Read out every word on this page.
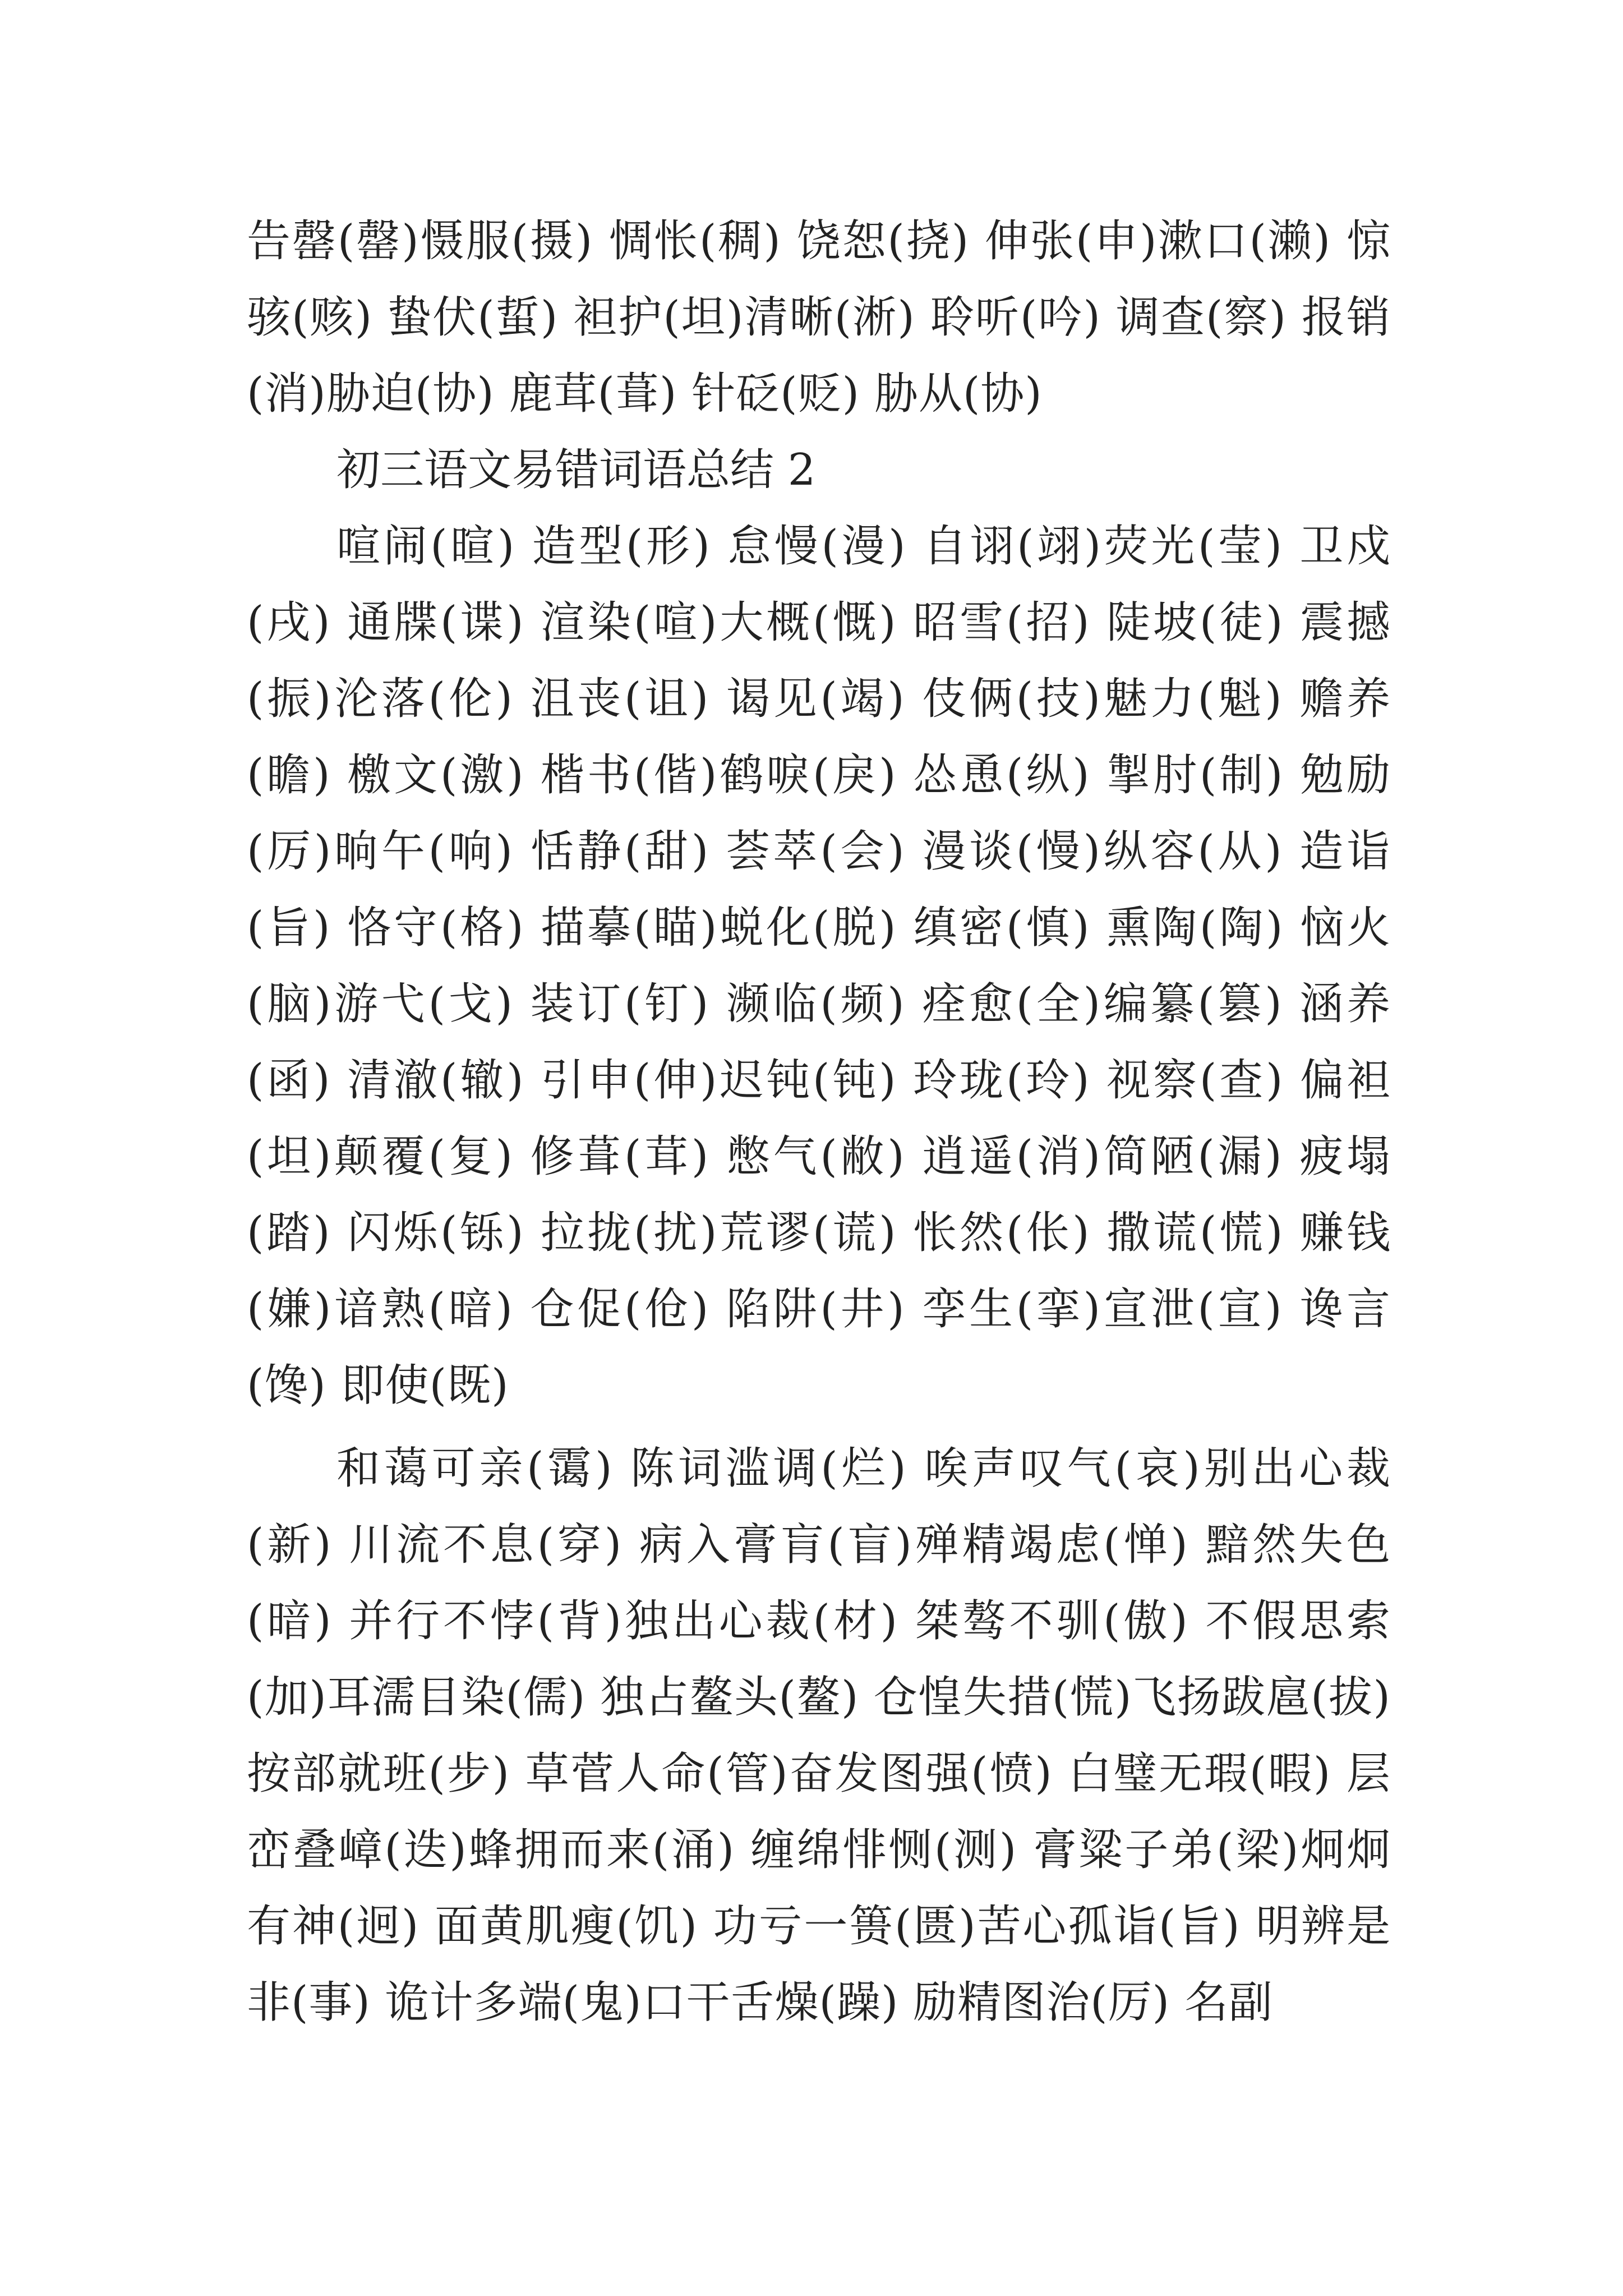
告罄(罄)慑服(摄) 惆怅(稠) 饶恕(挠) 伸张(申)漱口(濑) 惊骇(赅) 蛰伏(蜇) 袒护(坦)清晰(淅) 聆听(吟) 调查(察) 报销(消)胁迫(协) 鹿茸(葺) 针砭(贬) 胁从(协)
初三语文易错词语总结 2
喧闹(暄) 造型(形) 怠慢(漫) 自诩(翊)荧光(莹) 卫戍(戌) 通牒(谍) 渲染(喧)大概(慨) 昭雪(招) 陡坡(徒) 震撼(振)沦落(伦) 沮丧(诅) 谒见(竭) 伎俩(技)魅力(魁) 赡养(瞻) 檄文(激) 楷书(偕)鹤唳(戾) 怂恿(纵) 掣肘(制) 勉励(厉)晌午(响) 恬静(甜) 荟萃(会) 漫谈(慢)纵容(从) 造诣(旨) 恪守(格) 描摹(瞄)蜕化(脱) 缜密(慎) 熏陶(陶) 恼火(脑)游弋(戈) 装订(钉) 濒临(频) 痊愈(全)编纂(篡) 涵养(函) 清澈(辙) 引申(伸)迟钝(钝) 玲珑(玲) 视察(查) 偏袒(坦)颠覆(复) 修葺(茸) 憋气(敝) 逍遥(消)简陋(漏) 疲塌(踏) 闪烁(铄) 拉拢(扰)荒谬(谎) 怅然(伥) 撒谎(慌) 赚钱(嫌)谙熟(暗) 仓促(伧) 陷阱(井) 孪生(挛)宣泄(宣) 谗言(馋) 即使(既)
和蔼可亲(霭) 陈词滥调(烂) 唉声叹气(哀)别出心裁(新) 川流不息(穿) 病入膏肓(盲)殚精竭虑(惮) 黯然失色(暗) 并行不悖(背)独出心裁(材) 桀骜不驯(傲) 不假思索(加)耳濡目染(儒) 独占鳌头(鳌) 仓惶失措(慌)飞扬跋扈(拔) 按部就班(步) 草菅人命(管)奋发图强(愤) 白璧无瑕(暇) 层峦叠嶂(迭)蜂拥而来(涌) 缠绵悱恻(测) 膏粱子弟(梁)炯炯有神(迥) 面黄肌瘦(饥) 功亏一篑(匮)苦心孤诣(旨) 明辨是非(事) 诡计多端(鬼)口干舌燥(躁) 励精图治(厉) 名副
